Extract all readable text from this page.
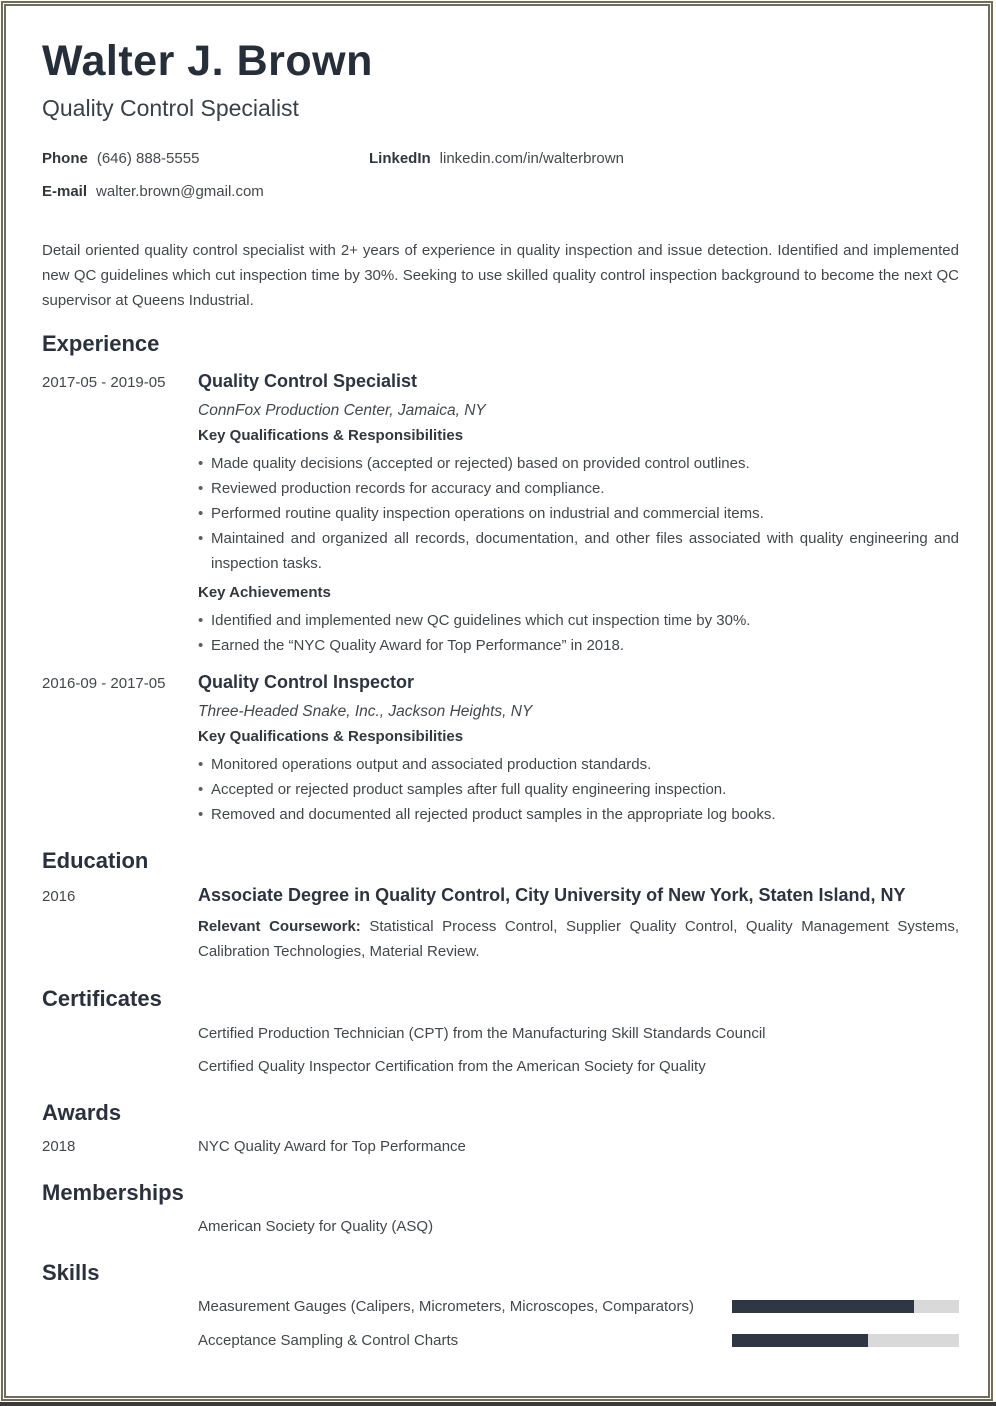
Walter J. Brown

Quality Control Specialist

Phone (646) 888-5555	LinkedIn linkedin.com/in/walterbrown
E-mail walter.brown@gmail.com

Detail oriented quality control specialist with 2+ years of experience in quality inspection and issue detection. Identified and implemented new QC guidelines which cut inspection time by 30%. Seeking to use skilled quality control inspection background to become the next QC supervisor at Queens Industrial.

Experience
2017-05 - 2019-05	Quality Control Specialist
ConnFox Production Center, Jamaica, NY
Key Qualifications & Responsibilities
• Made quality decisions (accepted or rejected) based on provided control outlines.
• Reviewed production records for accuracy and compliance.
• Performed routine quality inspection operations on industrial and commercial items.
• Maintained and organized all records, documentation, and other files associated with quality engineering and inspection tasks.
Key Achievements
• Identified and implemented new QC guidelines which cut inspection time by 30%.
• Earned the “NYC Quality Award for Top Performance” in 2018.
2016-09 - 2017-05	Quality Control Inspector
Three-Headed Snake, Inc., Jackson Heights, NY
Key Qualifications & Responsibilities
• Monitored operations output and associated production standards.
• Accepted or rejected product samples after full quality engineering inspection.
• Removed and documented all rejected product samples in the appropriate log books.
Education
2016	Associate Degree in Quality Control, City University of New York, Staten Island, NY
Relevant Coursework: Statistical Process Control, Supplier Quality Control, Quality Management Systems, Calibration Technologies, Material Review.
Certificates
Certified Production Technician (CPT) from the Manufacturing Skill Standards Council
Certified Quality Inspector Certification from the American Society for Quality
Awards
2018	NYC Quality Award for Top Performance
Memberships
American Society for Quality (ASQ)
Skills
Measurement Gauges (Calipers, Micrometers, Microscopes, Comparators)
Acceptance Sampling & Control Charts
